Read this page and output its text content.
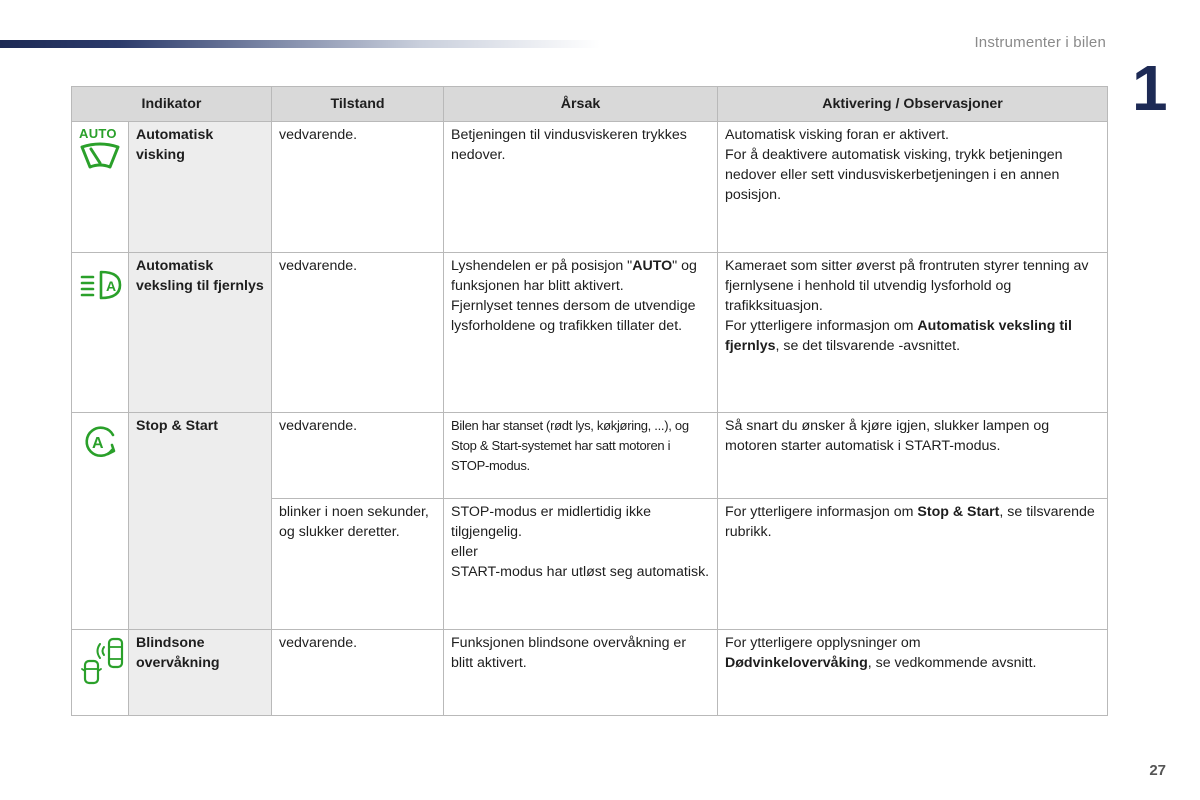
Instrumenter i bilen
1
Indikator		Tilstand	Årsak	Aktivering / Observasjoner

AUTO	Automatisk visking	vedvarende.	Betjeningen til vindusviskeren trykkes nedover.	Automatisk visking foran er aktivert.
For å deaktivere automatisk visking, trykk betjeningen nedover eller sett vindusviskerbetjeningen i en annen posisjon.

A	Automatisk veksling til fjernlys	vedvarende.	Lyshendelen er på posisjon "AUTO" og funksjonen har blitt aktivert.
Fjernlyset tennes dersom de utvendige lysforholdene og trafikken tillater det.	Kameraet som sitter øverst på frontruten styrer tenning av fjernlysene i henhold til utvendig lysforhold og trafikksituasjon.
For ytterligere informasjon om Automatisk veksling til fjernlys, se det tilsvarende -avsnittet.

A	Stop & Start	vedvarende.	Bilen har stanset (rødt lys, køkjøring, ...), og Stop & Start-systemet har satt motoren i STOP-modus.	Så snart du ønsker å kjøre igjen, slukker lampen og motoren starter automatisk i START-modus.
		blinker i noen sekunder, og slukker deretter.	STOP-modus er midlertidig ikke tilgjengelig.
eller
START-modus har utløst seg automatisk.	For ytterligere informasjon om Stop & Start, se tilsvarende rubrikk.

	Blindsone overvåkning	vedvarende.	Funksjonen blindsone overvåkning er blitt aktivert.	For ytterligere opplysninger om
Dødvinkelovervåking, se vedkommende avsnitt.
27
